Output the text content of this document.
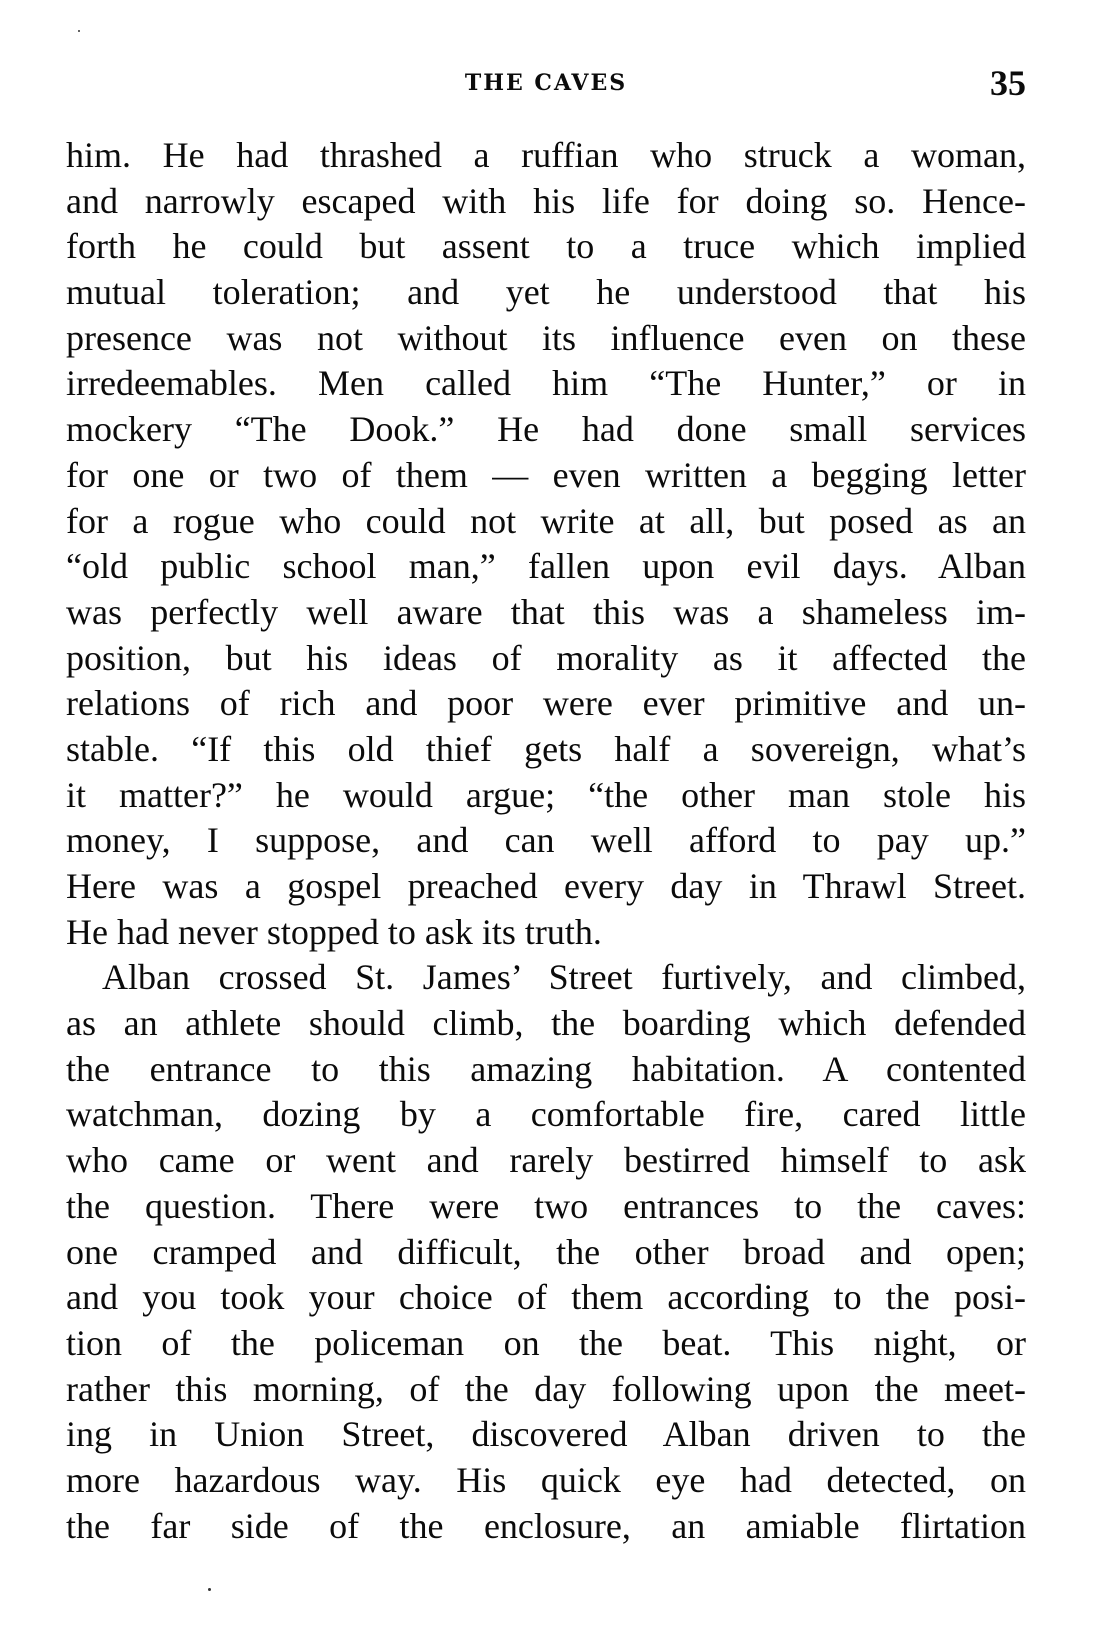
THE CAVES	35
him. He had thrashed a ruffian who struck a woman,
and narrowly escaped with his life for doing so. Hence-
forth he could but assent to a truce which implied
mutual toleration; and yet he understood that his
presence was not without its influence even on these
irredeemables. Men called him “The Hunter,” or in
mockery “The Dook.” He had done small services
for one or two of them — even written a begging letter
for a rogue who could not write at all, but posed as an
“old public school man,” fallen upon evil days. Alban
was perfectly well aware that this was a shameless im-
position, but his ideas of morality as it affected the
relations of rich and poor were ever primitive and un-
stable. “If this old thief gets half a sovereign, what’s
it matter?” he would argue; “the other man stole his
money, I suppose, and can well afford to pay up.”
Here was a gospel preached every day in Thrawl Street.
He had never stopped to ask its truth.
Alban crossed St. James’ Street furtively, and climbed,
as an athlete should climb, the boarding which defended
the entrance to this amazing habitation. A contented
watchman, dozing by a comfortable fire, cared little
who came or went and rarely bestirred himself to ask
the question. There were two entrances to the caves:
one cramped and difficult, the other broad and open;
and you took your choice of them according to the posi-
tion of the policeman on the beat. This night, or
rather this morning, of the day following upon the meet-
ing in Union Street, discovered Alban driven to the
more hazardous way. His quick eye had detected, on
the far side of the enclosure, an amiable flirtation
